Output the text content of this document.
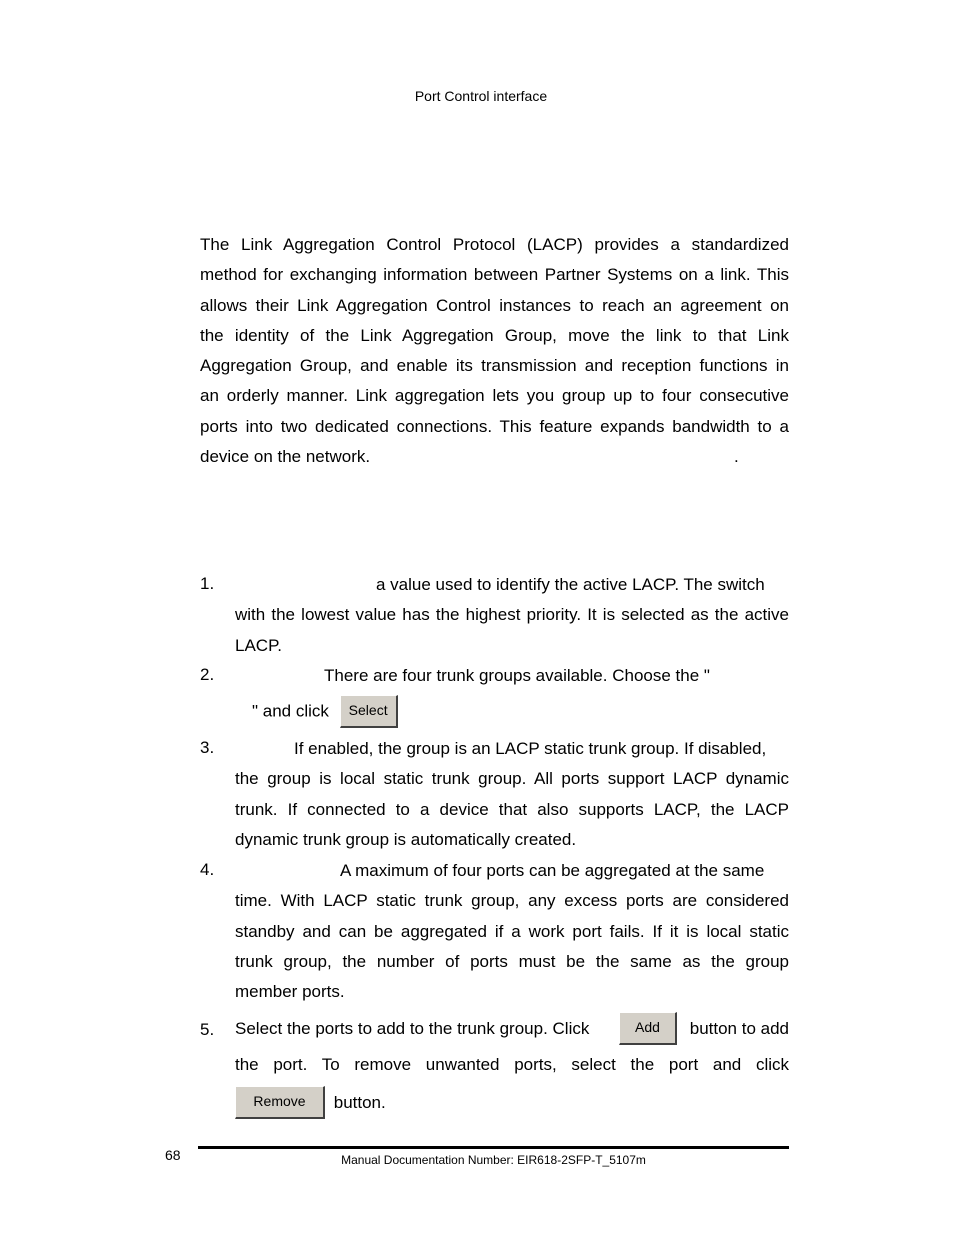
Port Control interface
The Link Aggregation Control Protocol (LACP) provides a standardized
method for exchanging information between Partner Systems on a link. This
allows their Link Aggregation Control instances to reach an agreement on
the identity of the Link Aggregation Group, move the link to that Link
Aggregation Group, and enable its transmission and reception functions in
an orderly manner. Link aggregation lets you group up to four consecutive
ports into two dedicated connections. This feature expands bandwidth to a
device on the network.	.
1.	a value used to identify the active LACP. The switch
with the lowest value has the highest priority. It is selected as the active
LACP.
2.	There are four trunk groups available. Choose the "
" and click Select
3.	If enabled, the group is an LACP static trunk group. If disabled,
the group is local static trunk group. All ports support LACP dynamic
trunk. If connected to a device that also supports LACP, the LACP
dynamic trunk group is automatically created.
4.	A maximum of four ports can be aggregated at the same
time. With LACP static trunk group, any excess ports are considered
standby and can be aggregated if a work port fails. If it is local static
trunk group, the number of ports must be the same as the group
member ports.
5. Select the ports to add to the trunk group. Click	Add	button to add
the port. To remove unwanted ports, select the port and click
Remove button.
68	Manual Documentation Number: EIR618-2SFP-T_5107m
